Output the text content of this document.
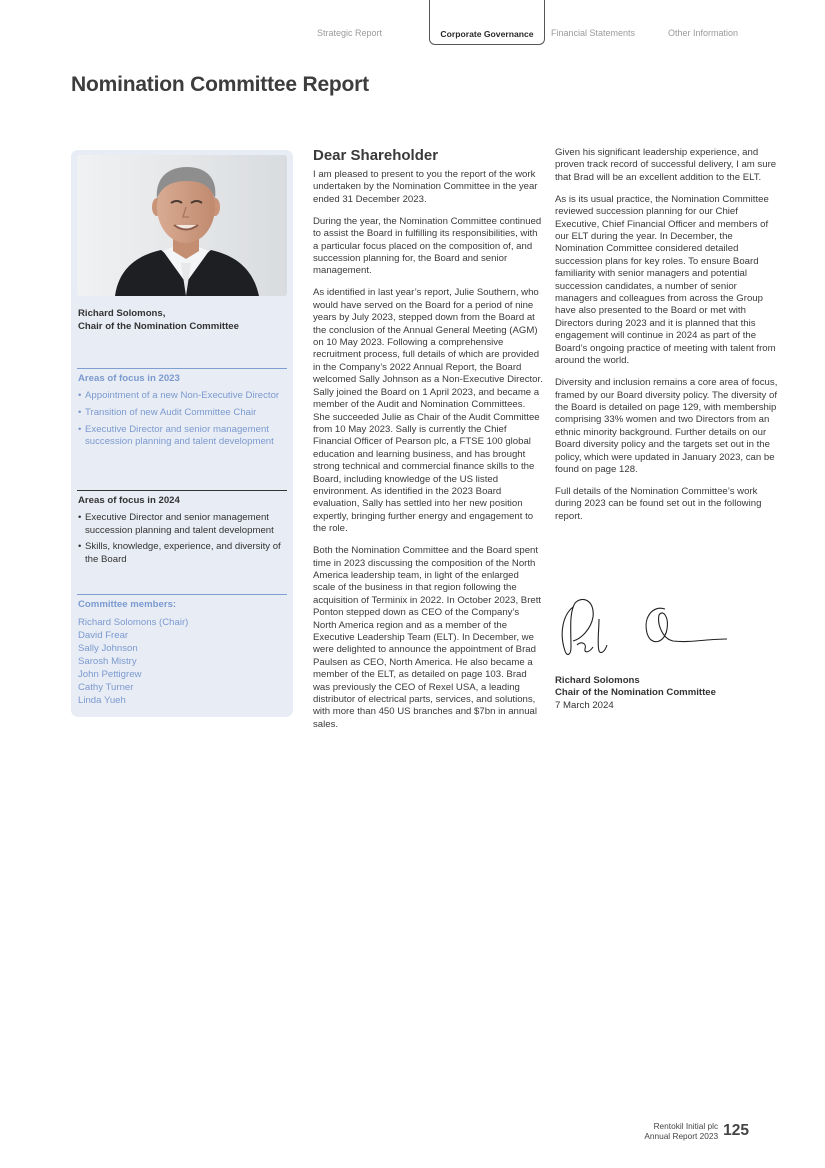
Strategic Report	Corporate Governance	Financial Statements	Other Information
Nomination Committee Report
Richard Solomons,
Chair of the Nomination Committee
Areas of focus in 2023
• Appointment of a new Non-Executive Director
• Transition of new Audit Committee Chair
• Executive Director and senior management succession planning and talent development
Areas of focus in 2024
• Executive Director and senior management succession planning and talent development
• Skills, knowledge, experience, and diversity of the Board
Committee members:
Richard Solomons (Chair)
David Frear
Sally Johnson
Sarosh Mistry
John Pettigrew
Cathy Turner
Linda Yueh
Dear Shareholder

I am pleased to present to you the report of the work undertaken by the Nomination Committee in the year ended 31 December 2023.

During the year, the Nomination Committee continued to assist the Board in fulfilling its responsibilities, with a particular focus placed on the composition of, and succession planning for, the Board and senior management.

As identified in last year’s report, Julie Southern, who would have served on the Board for a period of nine years by July 2023, stepped down from the Board at the conclusion of the Annual General Meeting (AGM) on 10 May 2023. Following a comprehensive recruitment process, full details of which are provided in the Company’s 2022 Annual Report, the Board welcomed Sally Johnson as a Non-Executive Director. Sally joined the Board on 1 April 2023, and became a member of the Audit and Nomination Committees. She succeeded Julie as Chair of the Audit Committee from 10 May 2023. Sally is currently the Chief Financial Officer of Pearson plc, a FTSE 100 global education and learning business, and has brought strong technical and commercial finance skills to the Board, including knowledge of the US listed environment. As identified in the 2023 Board evaluation, Sally has settled into her new position expertly, bringing further energy and engagement to the role.

Both the Nomination Committee and the Board spent time in 2023 discussing the composition of the North America leadership team, in light of the enlarged scale of the business in that region following the acquisition of Terminix in 2022. In October 2023, Brett Ponton stepped down as CEO of the Company’s North America region and as a member of the Executive Leadership Team (ELT). In December, we were delighted to announce the appointment of Brad Paulsen as CEO, North America. He also became a member of the ELT, as detailed on page 103. Brad was previously the CEO of Rexel USA, a leading distributor of electrical parts, services, and solutions, with more than 450 US branches and $7bn in annual sales.

Given his significant leadership experience, and proven track record of successful delivery, I am sure that Brad will be an excellent addition to the ELT.

As is its usual practice, the Nomination Committee reviewed succession planning for our Chief Executive, Chief Financial Officer and members of our ELT during the year. In December, the Nomination Committee considered detailed succession plans for key roles. To ensure Board familiarity with senior managers and potential succession candidates, a number of senior managers and colleagues from across the Group have also presented to the Board or met with Directors during 2023 and it is planned that this engagement will continue in 2024 as part of the Board’s ongoing practice of meeting with talent from around the world.

Diversity and inclusion remains a core area of focus, framed by our Board diversity policy. The diversity of the Board is detailed on page 129, with membership comprising 33% women and two Directors from an ethnic minority background. Further details on our Board diversity policy and the targets set out in the policy, which were updated in January 2023, can be found on page 128.

Full details of the Nomination Committee’s work during 2023 can be found set out in the following report.

Richard Solomons
Chair of the Nomination Committee
7 March 2024
Rentokil Initial plc
Annual Report 2023 125
